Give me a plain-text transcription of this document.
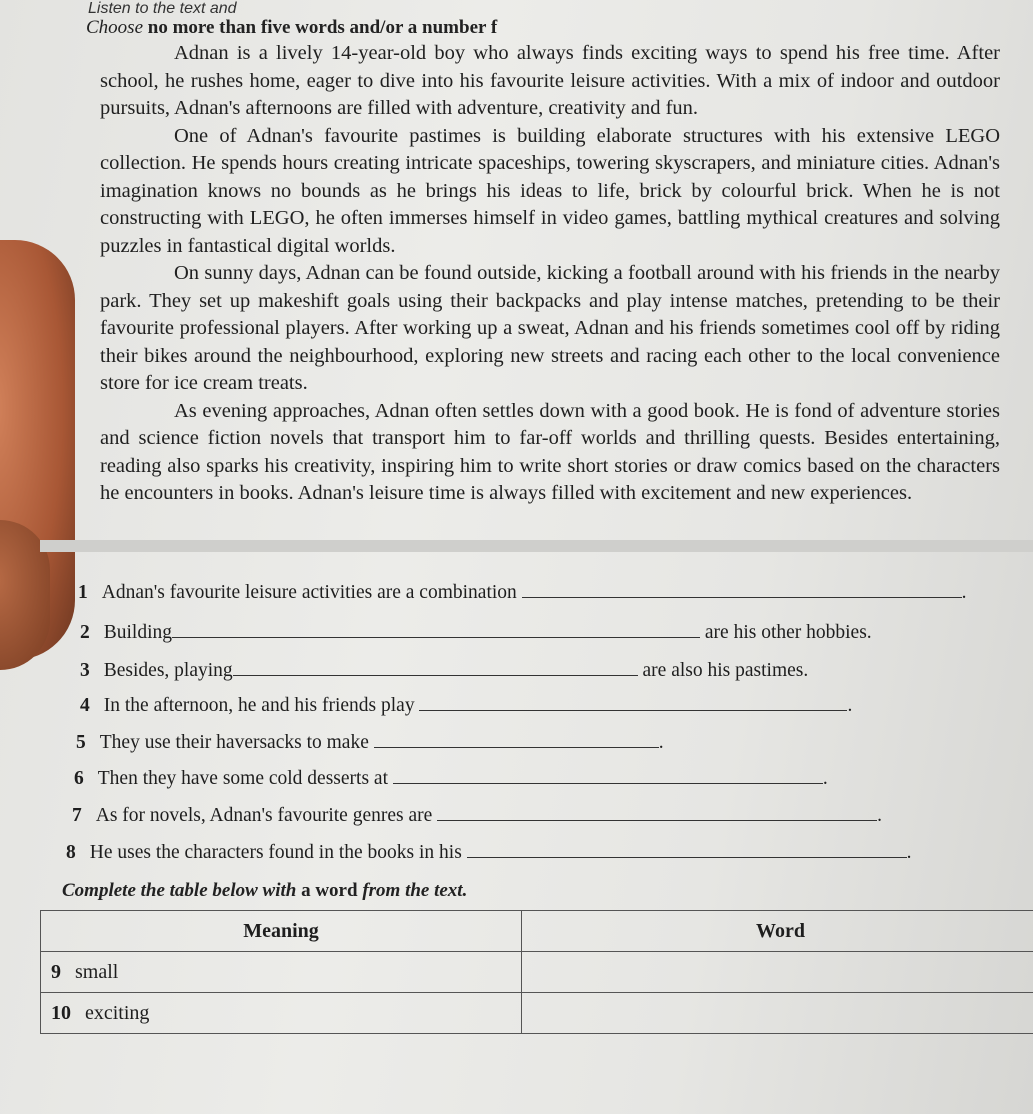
Listen to the text and
Choose no more than five words and/or a number f

Adnan is a lively 14-year-old boy who always finds exciting ways to spend his free time. After school, he rushes home, eager to dive into his favourite leisure activities. With a mix of indoor and outdoor pursuits, Adnan's afternoons are filled with adventure, creativity and fun.

One of Adnan's favourite pastimes is building elaborate structures with his extensive LEGO collection. He spends hours creating intricate spaceships, towering skyscrapers, and miniature cities. Adnan's imagination knows no bounds as he brings his ideas to life, brick by colourful brick. When he is not constructing with LEGO, he often immerses himself in video games, battling mythical creatures and solving puzzles in fantastical digital worlds.

On sunny days, Adnan can be found outside, kicking a football around with his friends in the nearby park. They set up makeshift goals using their backpacks and play intense matches, pretending to be their favourite professional players. After working up a sweat, Adnan and his friends sometimes cool off by riding their bikes around the neighbourhood, exploring new streets and racing each other to the local convenience store for ice cream treats.

As evening approaches, Adnan often settles down with a good book. He is fond of adventure stories and science fiction novels that transport him to far-off worlds and thrilling quests. Besides entertaining, reading also sparks his creativity, inspiring him to write short stories or draw comics based on the characters he encounters in books. Adnan's leisure time is always filled with excitement and new experiences.

1 Adnan's favourite leisure activities are a combination	.
2 Building	are his other hobbies.
3 Besides, playing	are also his pastimes.
4 In the afternoon, he and his friends play	.
5 They use their haversacks to make	.
6 Then they have some cold desserts at	.
7 As for novels, Adnan's favourite genres are	.
8 He uses the characters found in the books in his	.
Complete the table below with a word from the text.
Meaning	Word
9 small	
10 exciting	
